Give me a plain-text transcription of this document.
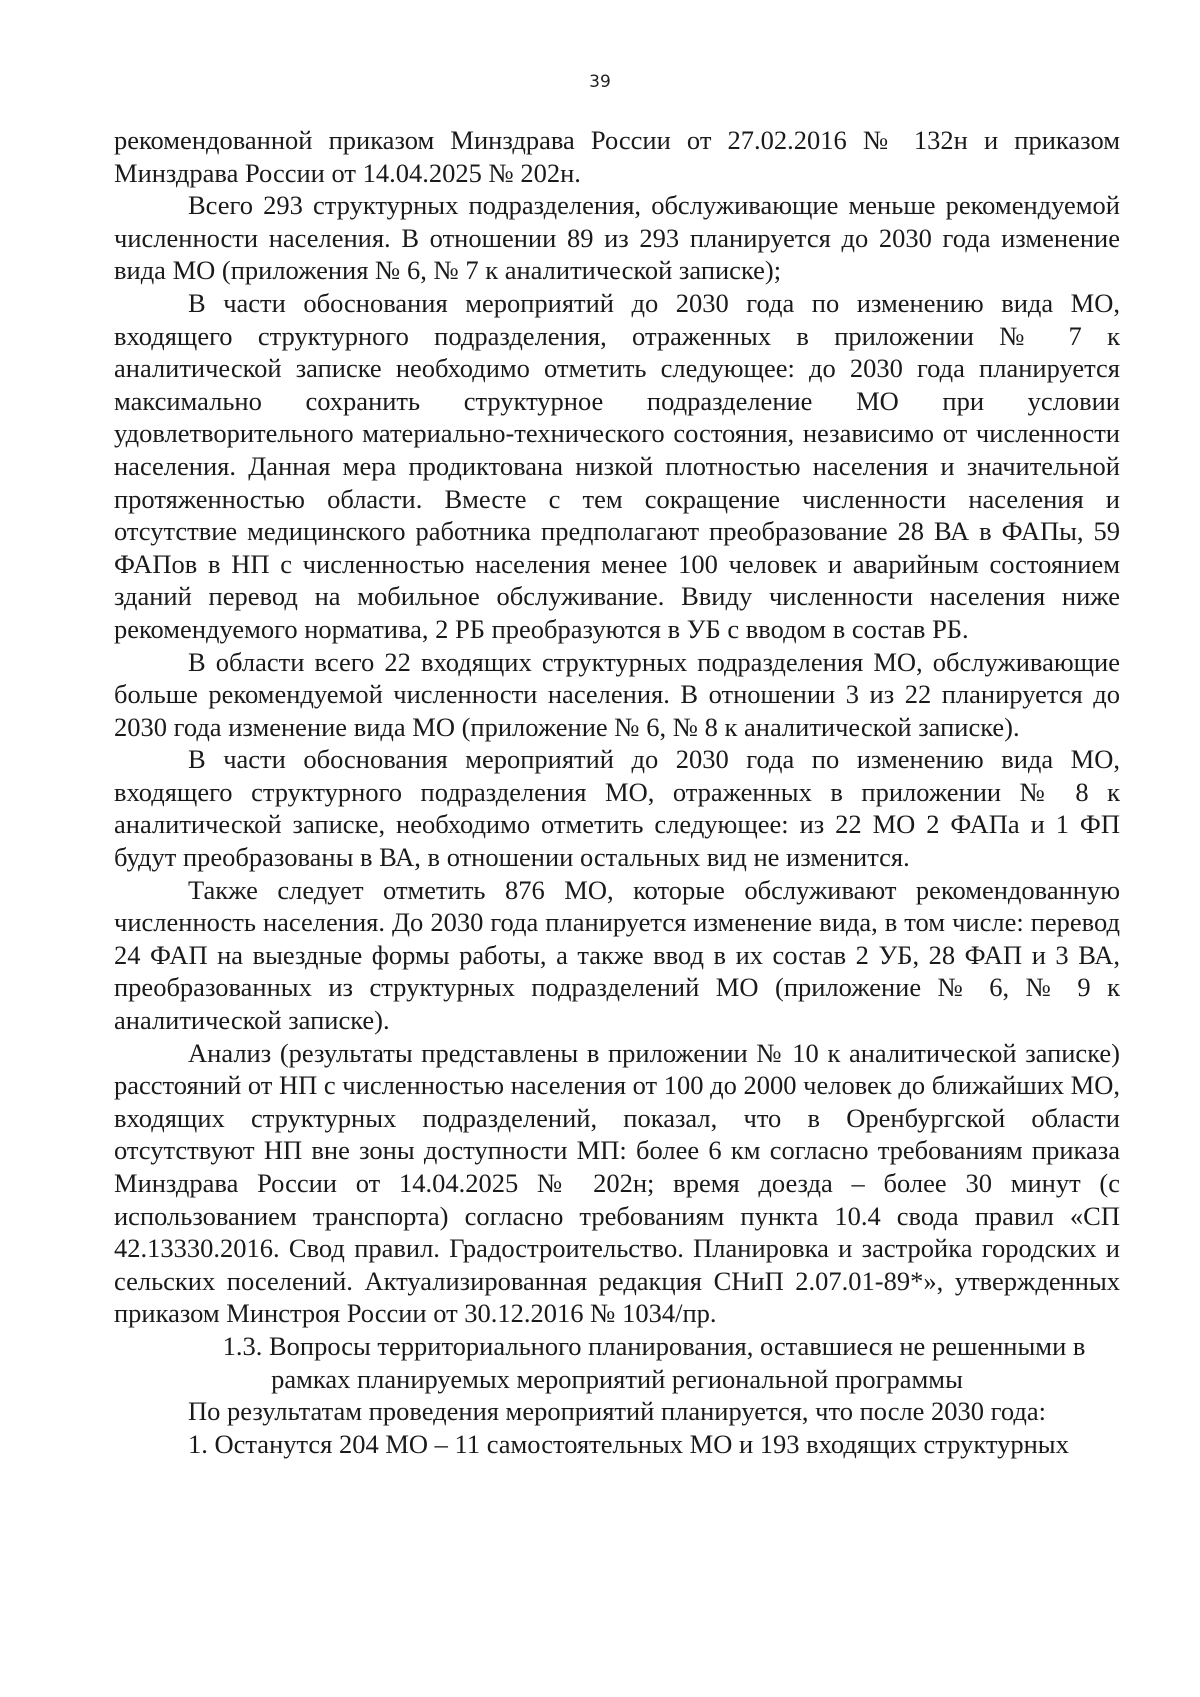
39

рекомендованной приказом Минздрава России от 27.02.2016 № 132н и приказом Минздрава России от 14.04.2025 № 202н.

Всего 293 структурных подразделения, обслуживающие меньше рекомендуемой численности населения. В отношении 89 из 293 планируется до 2030 года изменение вида МО (приложения № 6, № 7 к аналитической записке);

В части обоснования мероприятий до 2030 года по изменению вида МО, входящего структурного подразделения, отраженных в приложении № 7 к аналитической записке необходимо отметить следующее: до 2030 года планируется максимально сохранить структурное подразделение МО при условии удовлетворительного материально-технического состояния, независимо от численности населения. Данная мера продиктована низкой плотностью населения и значительной протяженностью области. Вместе с тем сокращение численности населения и отсутствие медицинского работника предполагают преобразование 28 ВА в ФАПы, 59 ФАПов в НП с численностью населения менее 100 человек и аварийным состоянием зданий перевод на мобильное обслуживание. Ввиду численности населения ниже рекомендуемого норматива, 2 РБ преобразуются в УБ с вводом в состав РБ.

В области всего 22 входящих структурных подразделения МО, обслуживающие больше рекомендуемой численности населения. В отношении 3 из 22 планируется до 2030 года изменение вида МО (приложение № 6, № 8 к аналитической записке).

В части обоснования мероприятий до 2030 года по изменению вида МО, входящего структурного подразделения МО, отраженных в приложении № 8 к аналитической записке, необходимо отметить следующее: из 22 МО 2 ФАПа и 1 ФП будут преобразованы в ВА, в отношении остальных вид не изменится.

Также следует отметить 876 МО, которые обслуживают рекомендованную численность населения. До 2030 года планируется изменение вида, в том числе: перевод 24 ФАП на выездные формы работы, а также ввод в их состав 2 УБ, 28 ФАП и 3 ВА, преобразованных из структурных подразделений МО (приложение № 6, № 9 к аналитической записке).

Анализ (результаты представлены в приложении № 10 к аналитической записке) расстояний от НП с численностью населения от 100 до 2000 человек до ближайших МО, входящих структурных подразделений, показал, что в Оренбургской области отсутствуют НП вне зоны доступности МП: более 6 км согласно требованиям приказа Минздрава России от 14.04.2025 № 202н; время доезда – более 30 минут (с использованием транспорта) согласно требованиям пункта 10.4 свода правил «СП 42.13330.2016. Свод правил. Градостроительство. Планировка и застройка городских и сельских поселений. Актуализированная редакция СНиП 2.07.01-89*», утвержденных приказом Минстроя России от 30.12.2016 № 1034/пр.

1.3. Вопросы территориального планирования, оставшиеся не решенными в рамках планируемых мероприятий региональной программы

По результатам проведения мероприятий планируется, что после 2030 года:

1. Останутся 204 МО – 11 самостоятельных МО и 193 входящих структурных
